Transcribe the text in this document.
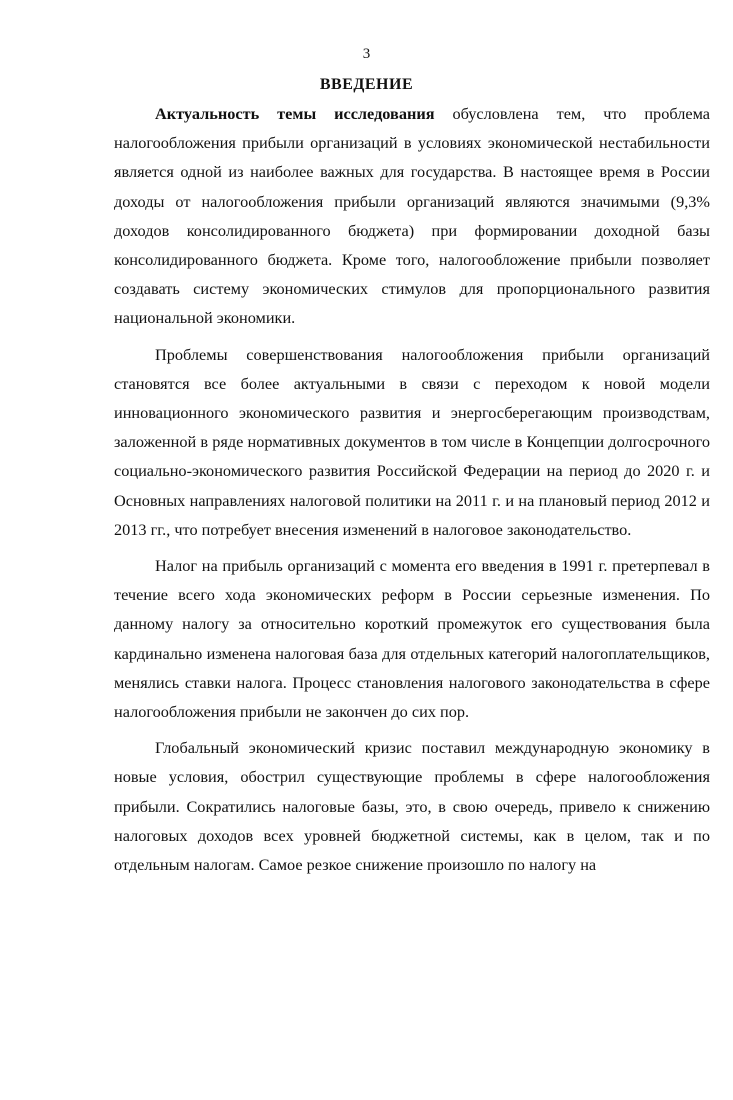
3
ВВЕДЕНИЕ

Актуальность темы исследования обусловлена тем, что проблема налогообложения прибыли организаций в условиях экономической нестабильности является одной из наиболее важных для государства. В настоящее время в России доходы от налогообложения прибыли организаций являются значимыми (9,3% доходов консолидированного бюджета) при формировании доходной базы консолидированного бюджета. Кроме того, налогообложение прибыли позволяет создавать систему экономических стимулов для пропорционального развития национальной экономики.

Проблемы совершенствования налогообложения прибыли организаций становятся все более актуальными в связи с переходом к новой модели инновационного экономического развития и энергосберегающим производствам, заложенной в ряде нормативных документов в том числе в Концепции долгосрочного социально-экономического развития Российской Федерации на период до 2020 г. и Основных направлениях налоговой политики на 2011 г. и на плановый период 2012 и 2013 гг., что потребует внесения изменений в налоговое законодательство.

Налог на прибыль организаций с момента его введения в 1991 г. претерпевал в течение всего хода экономических реформ в России серьезные изменения. По данному налогу за относительно короткий промежуток его существования была кардинально изменена налоговая база для отдельных категорий налогоплательщиков, менялись ставки налога. Процесс становления налогового законодательства в сфере налогообложения прибыли не закончен до сих пор.

Глобальный экономический кризис поставил международную экономику в новые условия, обострил существующие проблемы в сфере налогообложения прибыли. Сократились налоговые базы, это, в свою очередь, привело к снижению налоговых доходов всех уровней бюджетной системы, как в целом, так и по отдельным налогам. Самое резкое снижение произошло по налогу на
